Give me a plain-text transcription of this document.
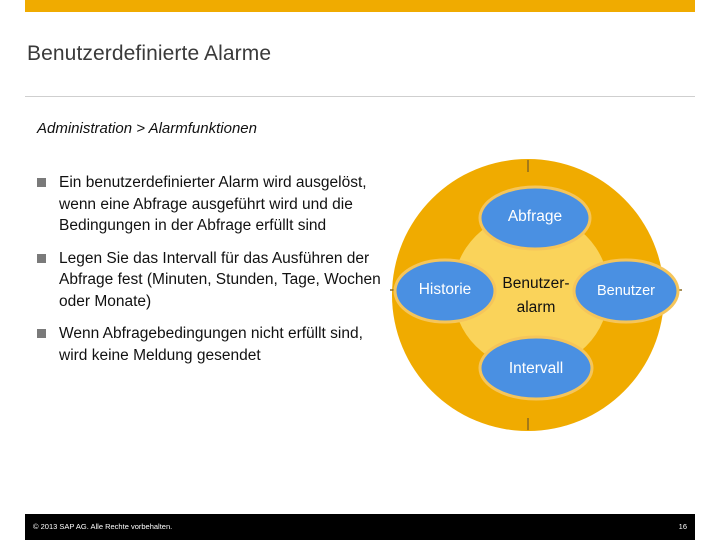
Benutzerdefinierte Alarme
Administration > Alarmfunktionen
Ein benutzerdefinierter Alarm wird ausgelöst, wenn eine Abfrage ausgeführt wird und die Bedingungen in der Abfrage erfüllt sind
Legen Sie das Intervall für das Ausführen der Abfrage fest (Minuten, Stunden, Tage, Wochen oder Monate)
Wenn Abfragebedingungen nicht erfüllt sind, wird keine Meldung gesendet
Abfrage
Historie	Benutzer
Intervall
Benutzer-
alarm
© 2013 SAP AG. Alle Rechte vorbehalten.	16
